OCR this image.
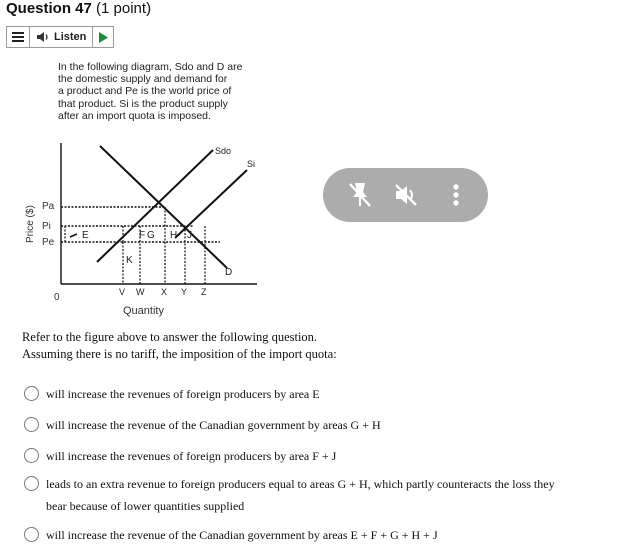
Question 47 (1 point)
Listen
In the following diagram, Sdo and D are
the domestic supply and demand for
a product and Pe is the world price of
that product. Si is the product supply
after an import quota is imposed.
Price ($)
Quantity
0
Pa
Pi
Pe
Sdo
Si
D
E	F G H J
K
V W X Y Z
Refer to the figure above to answer the following question.
Assuming there is no tariff, the imposition of the import quota:
will increase the revenues of foreign producers by area E
will increase the revenue of the Canadian government by areas G + H
will increase the revenues of foreign producers by area F + J
leads to an extra revenue to foreign producers equal to areas G + H, which partly counteracts the loss they bear because of lower quantities supplied
will increase the revenue of the Canadian government by areas E + F + G + H + J
